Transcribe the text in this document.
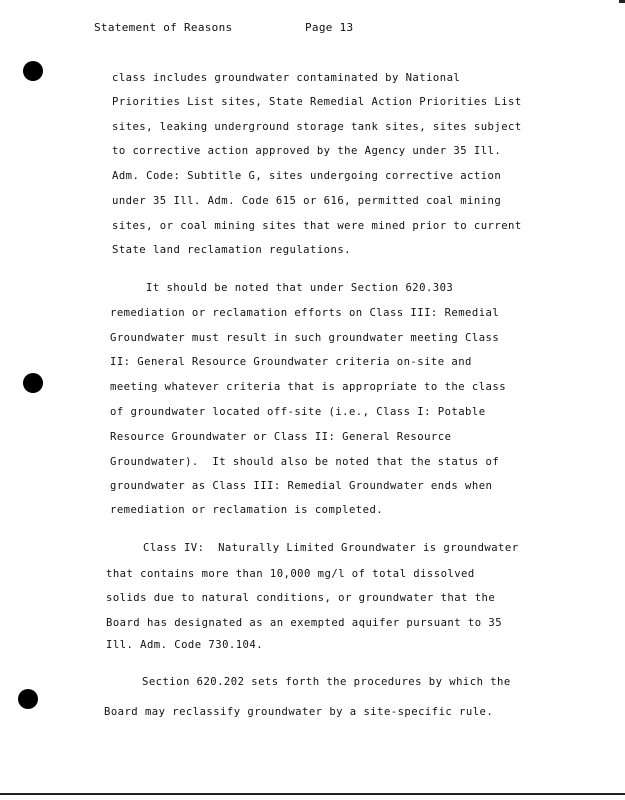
Statement of Reasons	Page 13
class includes groundwater contaminated by National
Priorities List sites, State Remedial Action Priorities List
sites, leaking underground storage tank sites, sites subject
to corrective action approved by the Agency under 35 Ill.
Adm. Code: Subtitle G, sites undergoing corrective action
under 35 Ill. Adm. Code 615 or 616, permitted coal mining
sites, or coal mining sites that were mined prior to current
State land reclamation regulations.
It should be noted that under Section 620.303
remediation or reclamation efforts on Class III: Remedial
Groundwater must result in such groundwater meeting Class
II: General Resource Groundwater criteria on-site and
meeting whatever criteria that is appropriate to the class
of groundwater located off-site (i.e., Class I: Potable
Resource Groundwater or Class II: General Resource
Groundwater).  It should also be noted that the status of
groundwater as Class III: Remedial Groundwater ends when
remediation or reclamation is completed.
Class IV:  Naturally Limited Groundwater is groundwater
that contains more than 10,000 mg/l of total dissolved
solids due to natural conditions, or groundwater that the
Board has designated as an exempted aquifer pursuant to 35
Ill. Adm. Code 730.104.
Section 620.202 sets forth the procedures by which the
Board may reclassify groundwater by a site-specific rule.
